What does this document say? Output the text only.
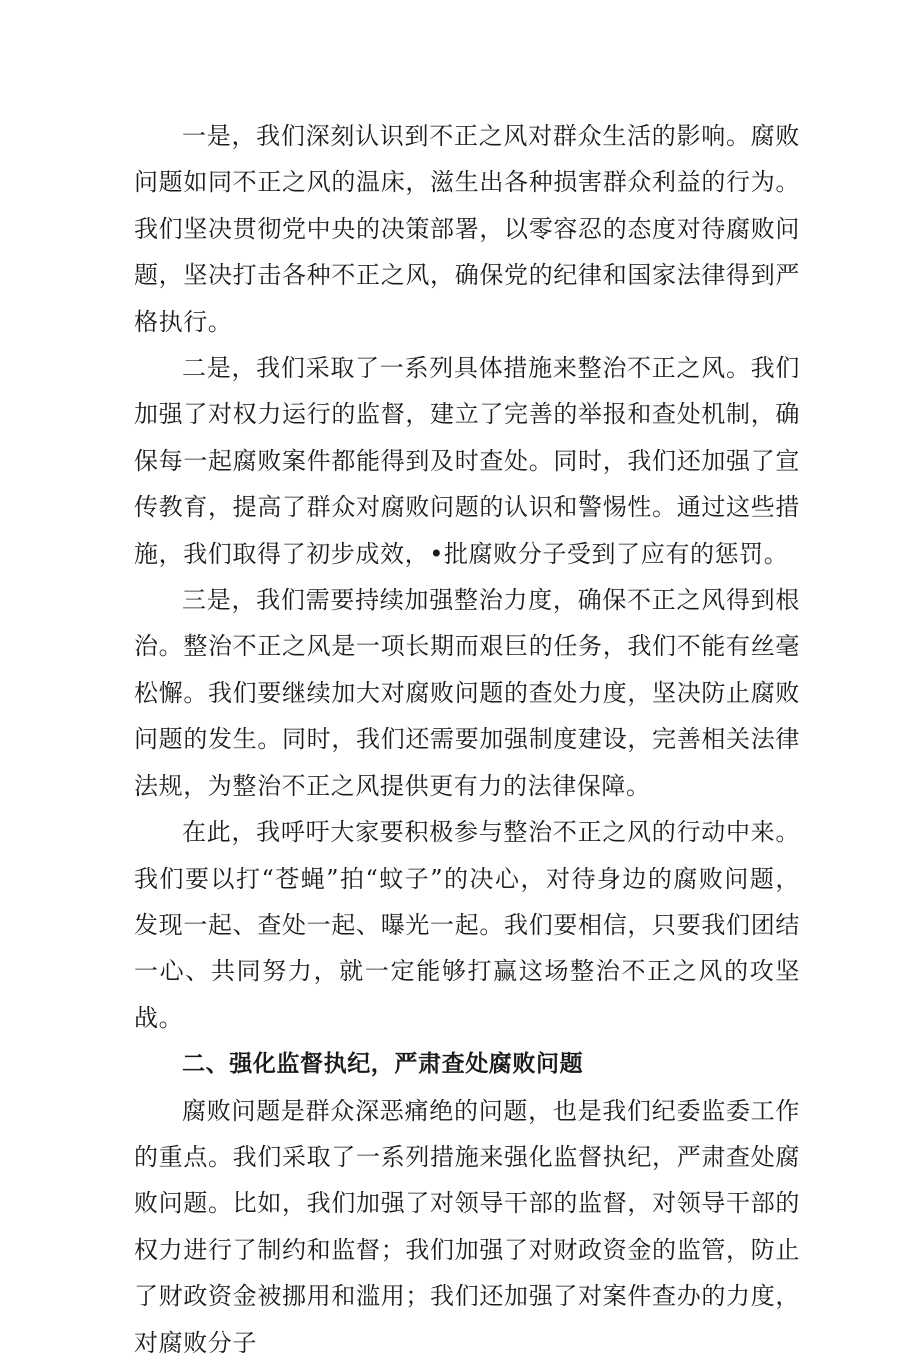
一是，我们深刻认识到不正之风对群众生活的影响。腐败问题如同不正之风的温床，滋生出各种损害群众利益的行为。我们坚决贯彻党中央的决策部署，以零容忍的态度对待腐败问题，坚决打击各种不正之风，确保党的纪律和国家法律得到严格执行。

二是，我们采取了一系列具体措施来整治不正之风。我们加强了对权力运行的监督，建立了完善的举报和查处机制，确保每一起腐败案件都能得到及时查处。同时，我们还加强了宣传教育，提高了群众对腐败问题的认识和警惕性。通过这些措施，我们取得了初步成效，•批腐败分子受到了应有的惩罚。

三是，我们需要持续加强整治力度，确保不正之风得到根治。整治不正之风是一项长期而艰巨的任务，我们不能有丝毫松懈。我们要继续加大对腐败问题的查处力度，坚决防止腐败问题的发生。同时，我们还需要加强制度建设，完善相关法律法规，为整治不正之风提供更有力的法律保障。

在此，我呼吁大家要积极参与整治不正之风的行动中来。我们要以打“苍蝇”拍“蚊子”的决心，对待身边的腐败问题，发现一起、查处一起、曝光一起。我们要相信，只要我们团结一心、共同努力，就一定能够打赢这场整治不正之风的攻坚战。

二、强化监督执纪，严肃查处腐败问题

腐败问题是群众深恶痛绝的问题，也是我们纪委监委工作的重点。我们采取了一系列措施来强化监督执纪，严肃查处腐败问题。比如，我们加强了对领导干部的监督，对领导干部的权力进行了制约和监督；我们加强了对财政资金的监管，防止了财政资金被挪用和滥用；我们还加强了对案件查办的力度，对腐败分子
